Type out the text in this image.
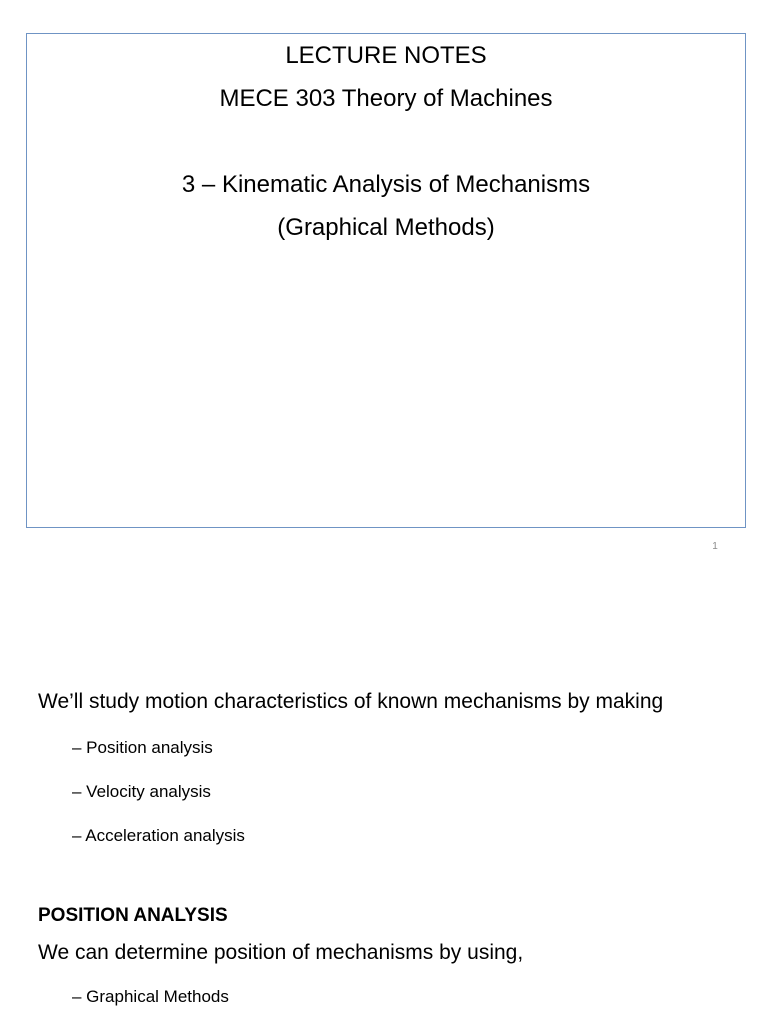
LECTURE NOTES
MECE 303 Theory of Machines
3 – Kinematic Analysis of Mechanisms
(Graphical Methods)
1
We’ll study motion characteristics of known mechanisms by making
– Position analysis
– Velocity analysis
– Acceleration analysis
POSITION ANALYSIS
We can determine position of mechanisms by using,
– Graphical Methods
